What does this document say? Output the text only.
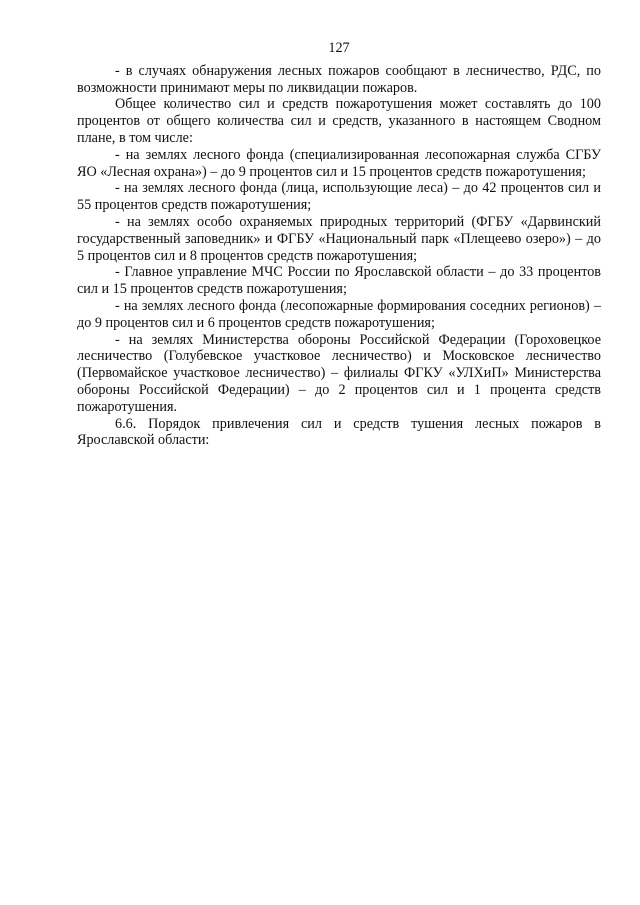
127

- в случаях обнаружения лесных пожаров сообщают в лесничество, РДС, по возможности принимают меры по ликвидации пожаров.

Общее количество сил и средств пожаротушения может составлять до 100 процентов от общего количества сил и средств, указанного в настоящем Сводном плане, в том числе:

- на землях лесного фонда (специализированная лесопожарная служба СГБУ ЯО «Лесная охрана») – до 9 процентов сил и 15 процентов средств пожаротушения;

- на землях лесного фонда (лица, использующие леса) – до 42 процентов сил и 55 процентов средств пожаротушения;

- на землях особо охраняемых природных территорий (ФГБУ «Дарвинский государственный заповедник» и ФГБУ «Национальный парк «Плещеево озеро») – до 5 процентов сил и 8 процентов средств пожаротушения;

- Главное управление МЧС России по Ярославской области – до 33 процентов сил и 15 процентов средств пожаротушения;

- на землях лесного фонда (лесопожарные формирования соседних регионов) – до 9 процентов сил и 6 процентов средств пожаротушения;

- на землях Министерства обороны Российской Федерации (Гороховецкое лесничество (Голубевское участковое лесничество) и Московское лесничество (Первомайское участковое лесничество) – филиалы ФГКУ «УЛХиП» Министерства обороны Российской Федерации) – до 2 процентов сил и 1 процента средств пожаротушения.

6.6. Порядок привлечения сил и средств тушения лесных пожаров в Ярославской области:
